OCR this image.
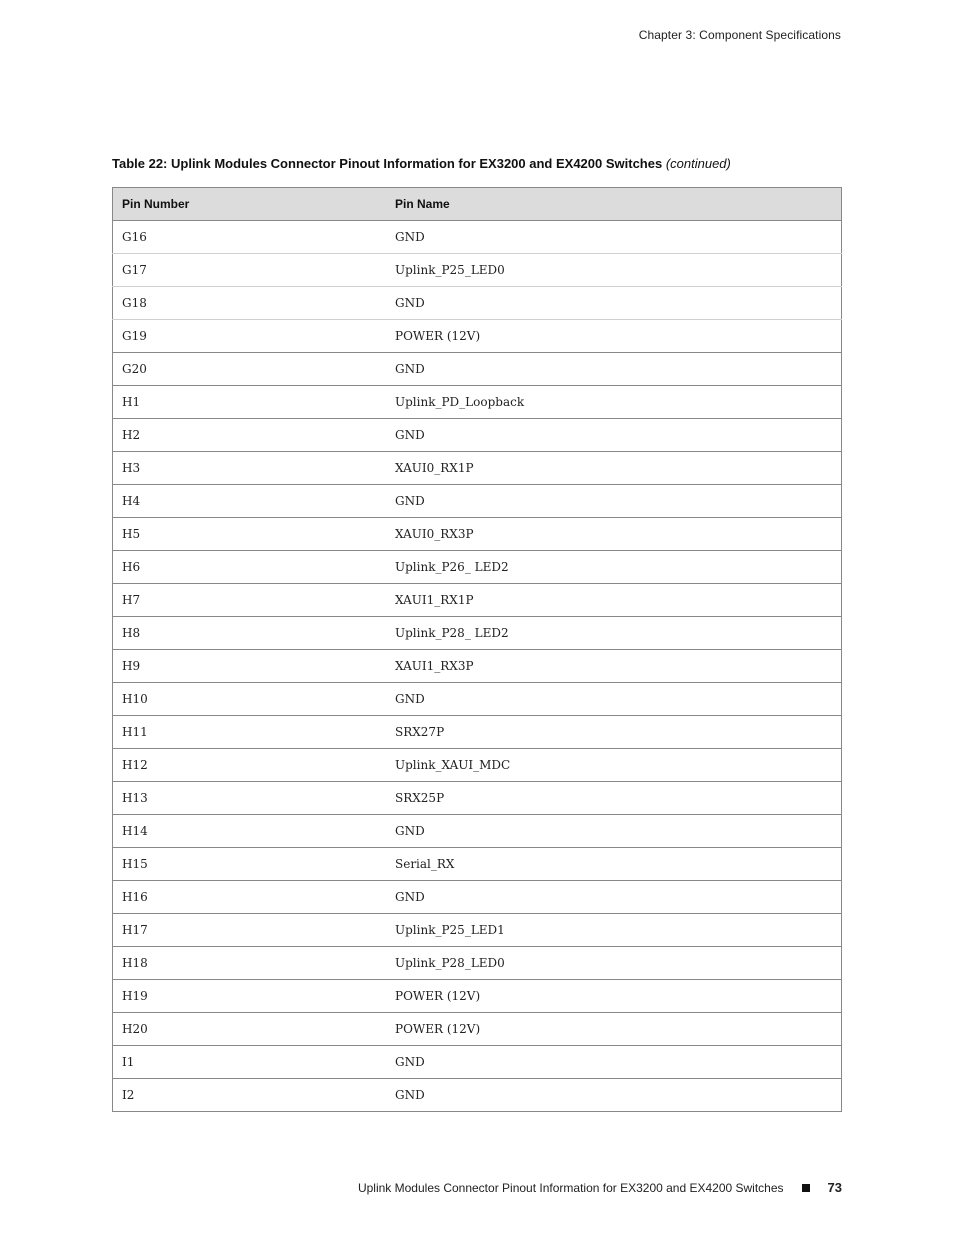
Chapter 3: Component Specifications
Table 22: Uplink Modules Connector Pinout Information for EX3200 and EX4200 Switches (continued)
Pin Number	Pin Name
G16	GND
G17	Uplink_P25_LED0
G18	GND
G19	POWER (12V)
G20	GND
H1	Uplink_PD_Loopback
H2	GND
H3	XAUI0_RX1P
H4	GND
H5	XAUI0_RX3P
H6	Uplink_P26_ LED2
H7	XAUI1_RX1P
H8	Uplink_P28_ LED2
H9	XAUI1_RX3P
H10	GND
H11	SRX27P
H12	Uplink_XAUI_MDC
H13	SRX25P
H14	GND
H15	Serial_RX
H16	GND
H17	Uplink_P25_LED1
H18	Uplink_P28_LED0
H19	POWER (12V)
H20	POWER (12V)
I1	GND
I2	GND
Uplink Modules Connector Pinout Information for EX3200 and EX4200 Switches	73
